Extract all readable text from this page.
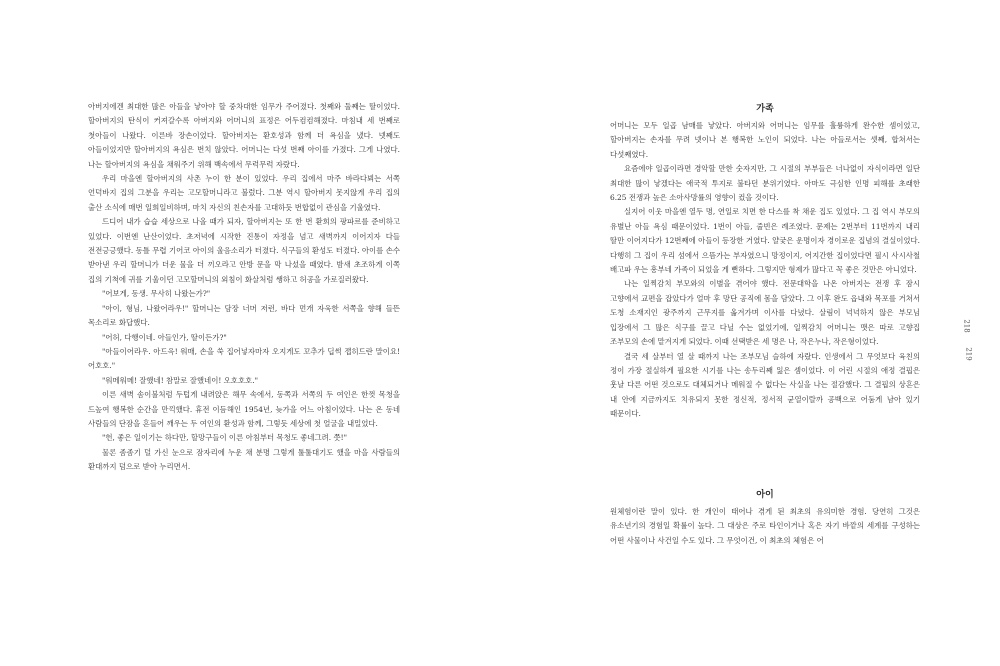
아버지에겐 최대한 많은 아들을 낳아야 할 중차대한 임무가 주어졌다. 첫째와 둘째는 딸이었다. 할아버지의 탄식이 커져갈수록 아버지와 어머니의 표정은 어두컴컴해졌다. 마침내 세 번째로 첫아들이 나왔다. 이른바 장손이었다. 할아버지는 환호성과 함께 더 욕심을 냈다. 넷째도 아들이었지만 할아버지의 욕심은 번치 않았다. 어머니는 다섯 번째 아이를 가졌다. 그게 나였다. 나는 할아버지의 욕심을 채워주기 위해 백속에서 무럭무럭 자랐다.

우리 마을엔 할아버지의 사촌 누이 한 분이 있었다. 우리 집에서 마주 바라다뵈는 서쪽 언덕바지 집의 그분을 우리는 고모할머니라고 불렀다. 그분 역시 할아버지 못지않게 우리 집의 출산 소식에 매번 일희일비하며, 마치 자신의 친손자를 고대하듯 번합없이 관심을 기울였다.

드디어 내가 습습 세상으로 나올 때가 되자, 할아버지는 또 한 번 환희의 팡파르를 준비하고 있었다. 이번엔 난산이었다. 초저녁에 시작한 진통이 자정을 넘고 새벽까지 이어지자 다들 전전긍긍했다. 동틀 무렵 기어코 아이의 울음소리가 터졌다. 식구들의 환성도 터졌다. 아이를 손수 받아낸 우리 할머니가 더운 물을 더 끼오라고 안방 문을 막 나섰을 때였다. 밤새 초조하게 이쪽 집의 기척에 귀를 기울이던 고모할머니의 외침이 화살처럼 쌩하고 허공을 가로질러왔다.

"어보게, 동생. 무사히 나왔는가?"

"아이, 형님, 나왔어라우!" 할머니는 담장 너머 저런, 바다 먼개 자욱한 서쪽을 향해 들뜬 목소리로 화답했다.

"어허, 다행이네. 아들인가, 딸이든가?"

"아들이어라우. 아드윽! 워매, 손을 쑥 집어넣자마자 오지게도 꼬추가 딥썩 잽히드란 말이요! 어호호."

"워메워메! 잘했네! 참말로 잘했네이! 오호호호."

이른 새벽 솜이불처럼 두텁게 내려앉은 해무 속에서, 동쪽과 서쪽의 두 여인은 한껏 목청을 드높여 행복한 순간을 만끽했다. 휴전 이듬해인 1954년, 늦가을 어느 아침이었다. 나는 온 동네 사람들의 단잠을 흔들어 깨우는 두 여인의 환성과 함께, 그렇듯 세상에 첫 얼굴을 내밀었다.

"헌, 좋은 일이기는 하다만, 할망구들이 이른 아침부터 목청도 좋네그려. 쯧!"

물론 좀좀기 덜 가신 눈으로 잠자리에 누운 채 분명 그렇게 툴툴대기도 했을 마을 사람들의 환대까지 덤으로 받아 누리면서.

218
가족

어머니는 모두 일곱 남매를 낳았다. 아버지와 어머니는 임무를 훌륭하게 완수한 셈이었고, 할아버지는 손자를 무려 넷이나 본 행복한 노인이 되었다. 나는 아들로서는 셋째, 합쳐서는 다섯째였다.

요즘에야 일곱이라면 경악할 만한 숫자지만, 그 시절의 부부들은 너나없이 자식이라면 일단 최대한 많이 낳겠다는 애국적 투지로 불타던 분위기였다. 아마도 극심한 인명 피해를 초래한 6.25 전쟁과 높은 소아사망률의 영향이 컸을 것이다.

실지어 이웃 마을엔 열두 명, 연일로 치면 한 다스를 착 채운 집도 있었다. 그 집 역시 부모의 유별난 아들 욕심 때문이었다. 1번이 아들, 줄빈은 례조였다. 문제는 2번부터 11번까지 내리 딸만 이어지다가 12번째에 아들이 등장한 거였다. 얄궂은 운명이자 경이로운 집념의 결실이었다. 다행히 그 집이 우리 섬에서 으뜸가는 부자였으니 망정이지, 어지간한 집이었다면 필시 사시사철 배고파 우는 흥부네 가족이 되었을 게 뻔하다. 그렇지만 형제가 많다고 꼭 좋은 것만은 아니었다.

나는 일찍감치 부모와의 이별을 겪어야 했다. 전문대학을 나온 아버지는 전쟁 후 잠시 고향에서 교편을 잡았다가 얼마 후 망단 공직에 몸을 담았다. 그 이후 완도 읍내와 목포를 거쳐서 도청 소재지인 광주까지 근무지를 옮겨가며 이사를 다녔다. 살림이 넉넉하지 않은 부모님 입장에서 그 많은 식구를 끌고 다닐 수는 없었기에, 일찍감치 어머니는 맷은 따로 고향집 조부모의 손에 맡겨지게 되었다. 이때 선택받은 세 명은 나, 작은누나, 작은형이었다.

결국 세 살부터 열 살 때까지 나는 조부모님 슬하에 자랐다. 인생에서 그 무엇보다 육친의 정이 가장 절실하게 필요한 시기를 나는 송두리째 잃은 셈이었다. 이 어린 시절의 애정 결핍은 훗날 다른 어떤 것으로도 대체되거나 메워질 수 없다는 사실을 나는 절감했다. 그 결핍의 상흔은 내 안에 지금까지도 치유되지 못한 정신적, 정서적 균열이랄까 공백으로 어둠게 남아 있기 때문이다.

아이

원체험이란 말이 있다. 한 개인이 태어나 겪게 된 최초의 유의미한 경험. 당연히 그것은 유소년기의 경험일 확률이 높다. 그 대상은 주로 타인이거나 혹은 자기 바깥의 세계를 구성하는 어떤 사물이나 사건일 수도 있다. 그 무엇이건, 이 최초의 체험은 어

219
